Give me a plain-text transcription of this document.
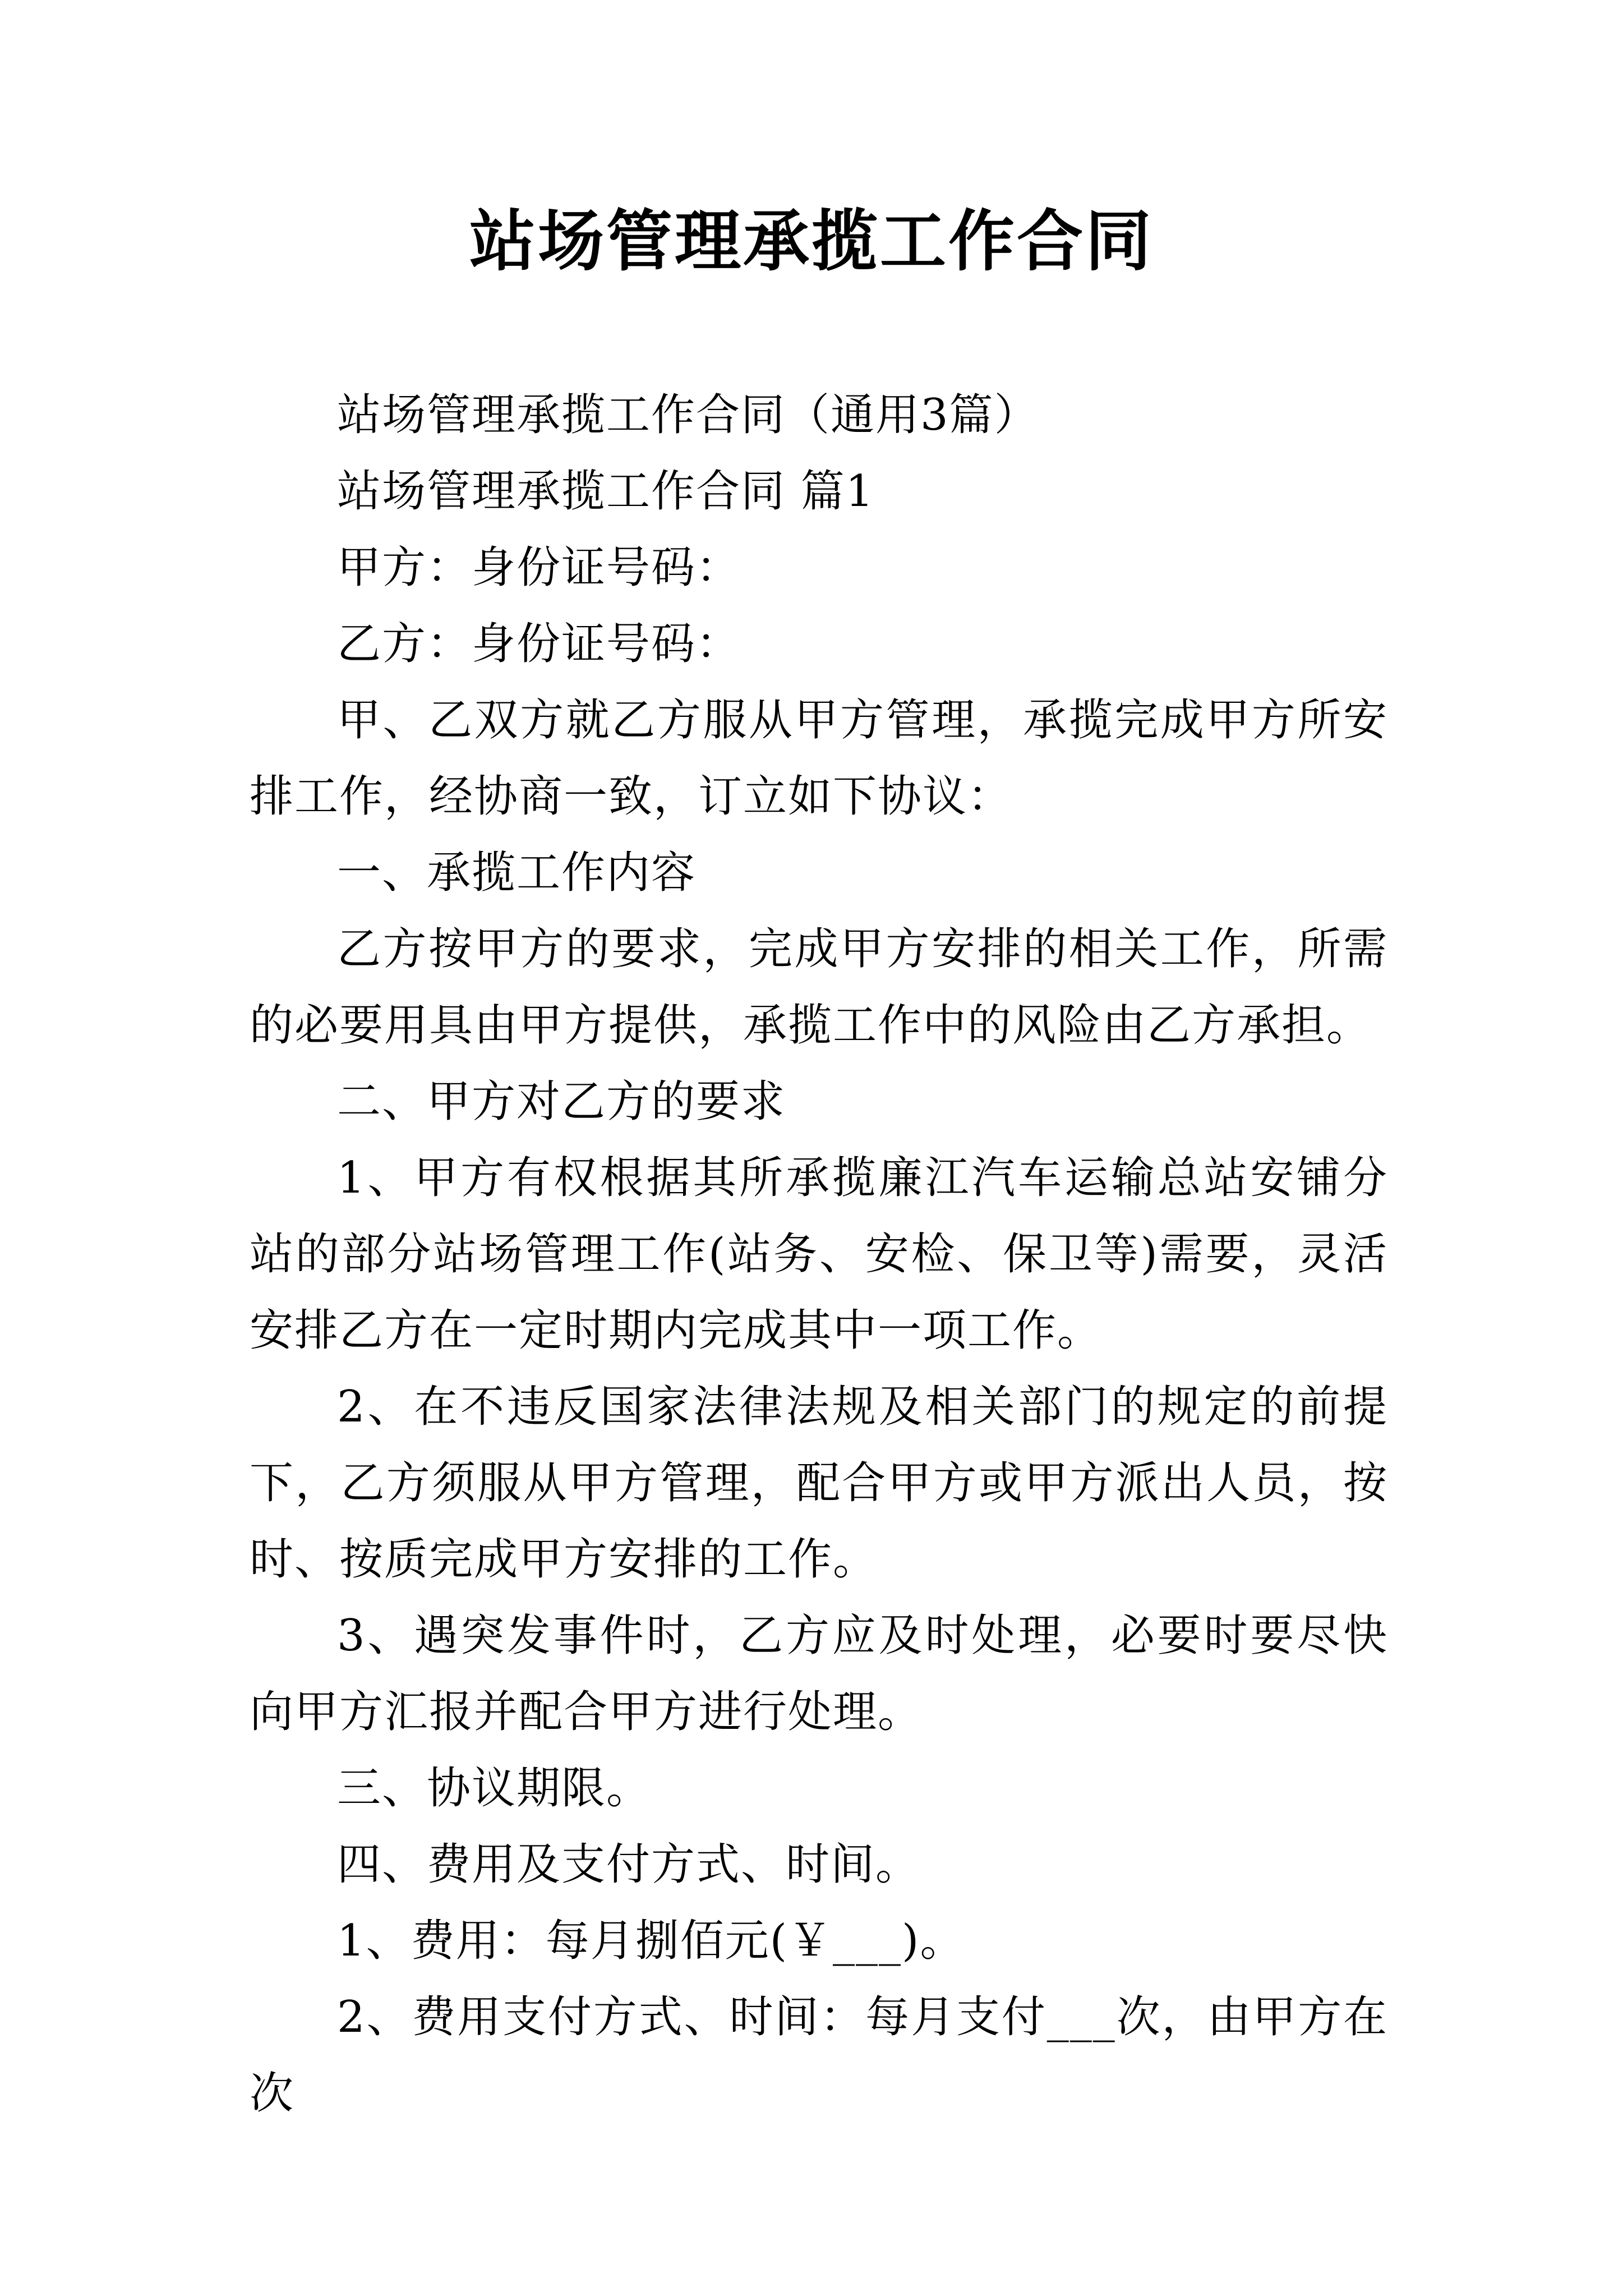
站场管理承揽工作合同

站场管理承揽工作合同（通用3篇）

站场管理承揽工作合同 篇1

甲方：身份证号码：

乙方：身份证号码：

甲、乙双方就乙方服从甲方管理，承揽完成甲方所安排工作，经协商一致，订立如下协议：

一、承揽工作内容

乙方按甲方的要求，完成甲方安排的相关工作，所需的必要用具由甲方提供，承揽工作中的风险由乙方承担。

二、甲方对乙方的要求

1、甲方有权根据其所承揽廉江汽车运输总站安铺分站的部分站场管理工作(站务、安检、保卫等)需要，灵活安排乙方在一定时期内完成其中一项工作。

2、在不违反国家法律法规及相关部门的规定的前提下，乙方须服从甲方管理，配合甲方或甲方派出人员，按时、按质完成甲方安排的工作。

3、遇突发事件时，乙方应及时处理，必要时要尽快向甲方汇报并配合甲方进行处理。

三、协议期限。

四、费用及支付方式、时间。

1、费用：每月捌佰元(￥___)。

2、费用支付方式、时间：每月支付___次，由甲方在次
